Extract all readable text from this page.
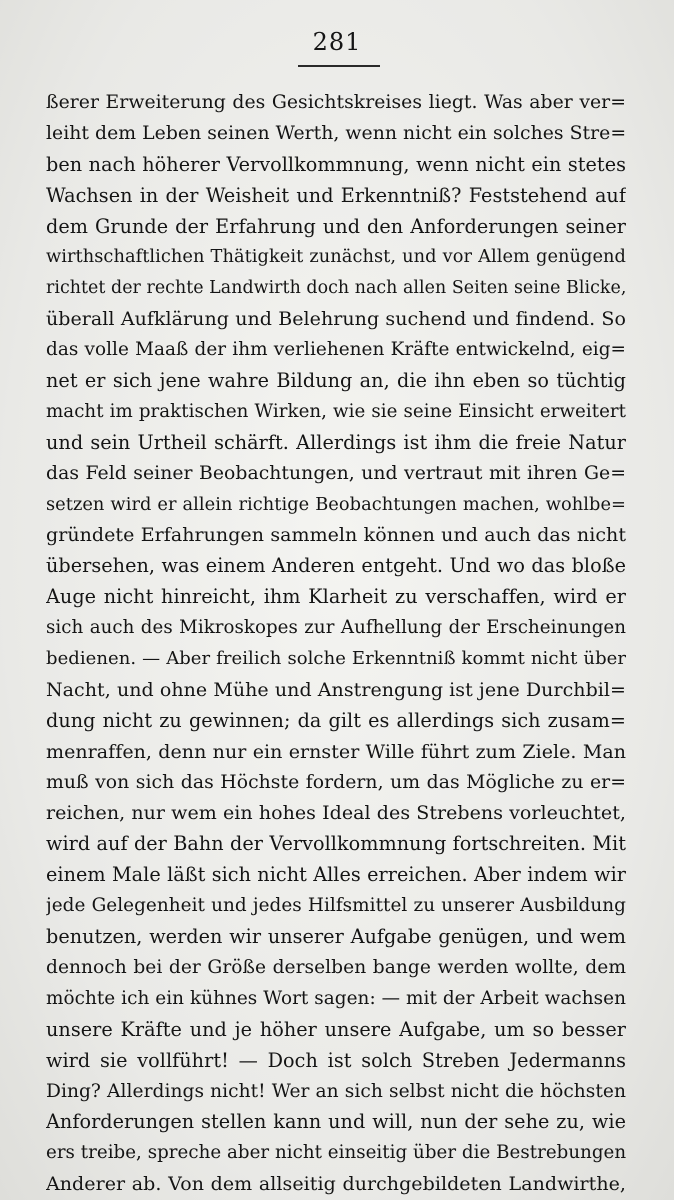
281
ßerer Erweiterung des Gesichtskreises liegt. Was aber ver=
leiht dem Leben seinen Werth, wenn nicht ein solches Stre=
ben nach höherer Vervollkommnung, wenn nicht ein stetes
Wachsen in der Weisheit und Erkenntniß? Feststehend auf
dem Grunde der Erfahrung und den Anforderungen seiner
wirthschaftlichen Thätigkeit zunächst, und vor Allem genügend
richtet der rechte Landwirth doch nach allen Seiten seine Blicke,
überall Aufklärung und Belehrung suchend und findend. So
das volle Maaß der ihm verliehenen Kräfte entwickelnd, eig=
net er sich jene wahre Bildung an, die ihn eben so tüchtig
macht im praktischen Wirken, wie sie seine Einsicht erweitert
und sein Urtheil schärft. Allerdings ist ihm die freie Natur
das Feld seiner Beobachtungen, und vertraut mit ihren Ge=
setzen wird er allein richtige Beobachtungen machen, wohlbe=
gründete Erfahrungen sammeln können und auch das nicht
übersehen, was einem Anderen entgeht. Und wo das bloße
Auge nicht hinreicht, ihm Klarheit zu verschaffen, wird er
sich auch des Mikroskopes zur Aufhellung der Erscheinungen
bedienen. — Aber freilich solche Erkenntniß kommt nicht über
Nacht, und ohne Mühe und Anstrengung ist jene Durchbil=
dung nicht zu gewinnen; da gilt es allerdings sich zusam=
menraffen, denn nur ein ernster Wille führt zum Ziele. Man
muß von sich das Höchste fordern, um das Mögliche zu er=
reichen, nur wem ein hohes Ideal des Strebens vorleuchtet,
wird auf der Bahn der Vervollkommnung fortschreiten. Mit
einem Male läßt sich nicht Alles erreichen. Aber indem wir
jede Gelegenheit und jedes Hilfsmittel zu unserer Ausbildung
benutzen, werden wir unserer Aufgabe genügen, und wem
dennoch bei der Größe derselben bange werden wollte, dem
möchte ich ein kühnes Wort sagen: — mit der Arbeit wachsen
unsere Kräfte und je höher unsere Aufgabe, um so besser
wird sie vollführt! — Doch ist solch Streben Jedermanns
Ding? Allerdings nicht! Wer an sich selbst nicht die höchsten
Anforderungen stellen kann und will, nun der sehe zu, wie
ers treibe, spreche aber nicht einseitig über die Bestrebungen
Anderer ab. Von dem allseitig durchgebildeten Landwirthe,
